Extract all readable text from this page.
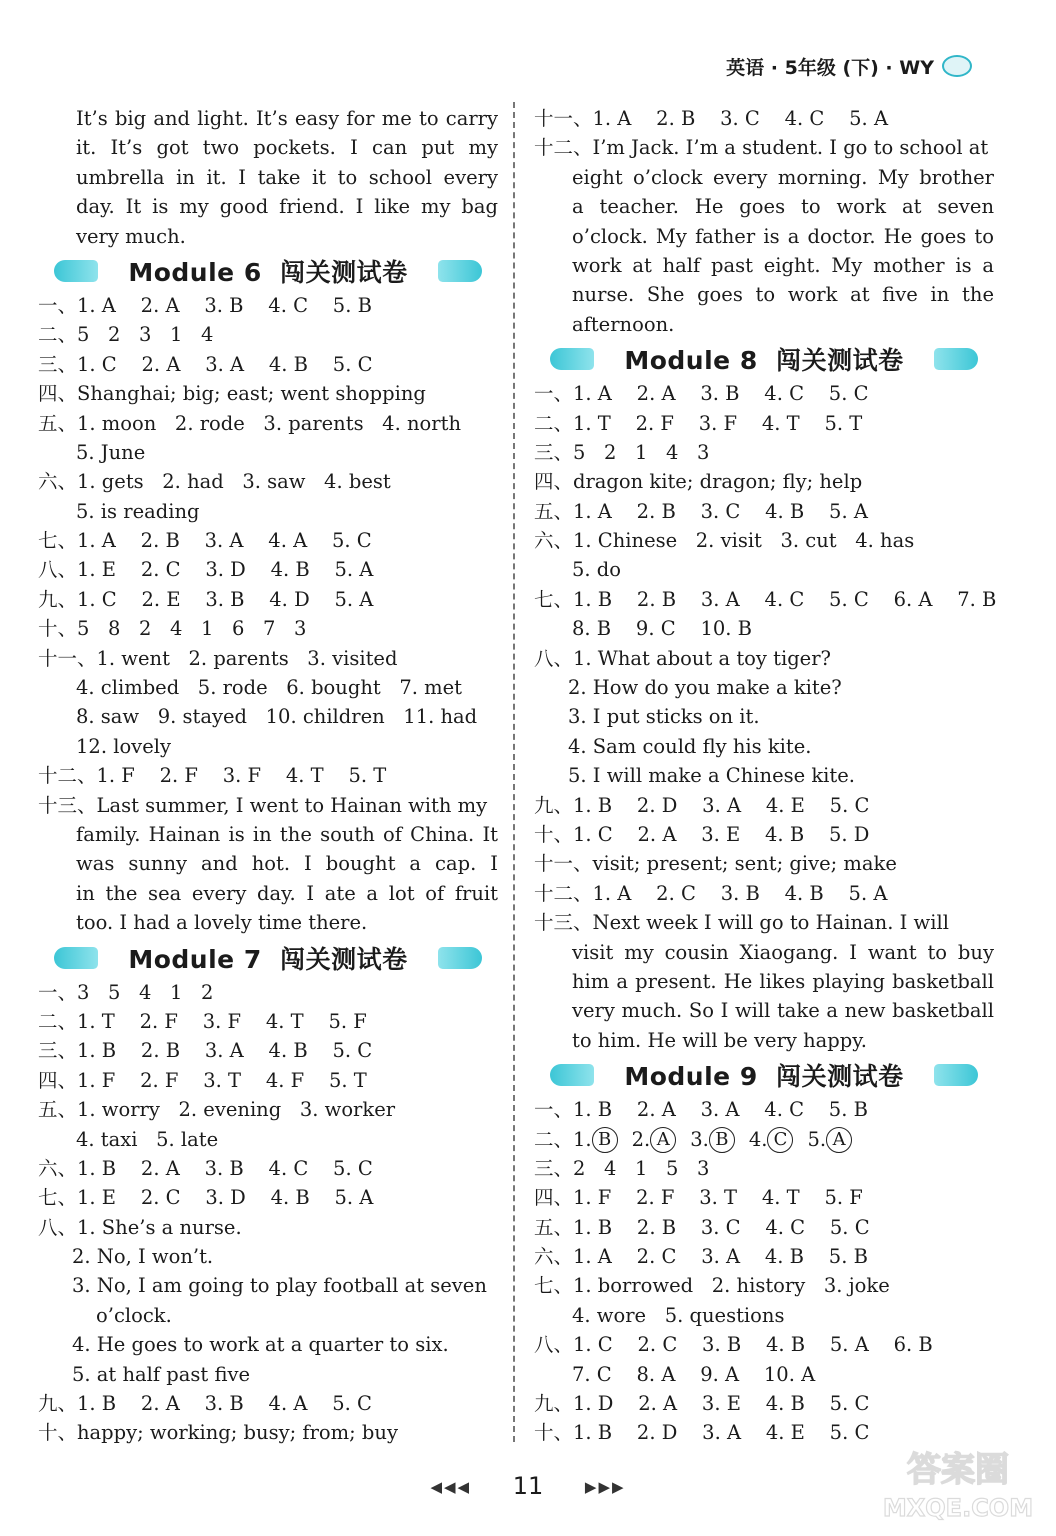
英语 · 5年级 (下) · WY
It’s big and light. It’s easy for me to carry
it. It’s got two pockets. I can put my
umbrella in it. I take it to school every
day. It is my good friend. I like my bag
very much.
Module 6  闯关测试卷
一、1. A    2. A    3. B    4. C    5. B
二、5   2   3   1   4
三、1. C    2. A    3. A    4. B    5. C
四、Shanghai; big; east; went shopping
五、1. moon   2. rode   3. parents   4. north
5. June
六、1. gets   2. had   3. saw   4. best
5. is reading
七、1. A    2. B    3. A    4. A    5. C
八、1. E    2. C    3. D    4. B    5. A
九、1. C    2. E    3. B    4. D    5. A
十、5   8   2   4   1   6   7   3
十一、1. went   2. parents   3. visited
4. climbed   5. rode   6. bought   7. met
8. saw   9. stayed   10. children   11. had
12. lovely
十二、1. F    2. F    3. F    4. T    5. T
十三、Last summer, I went to Hainan with my
family. Hainan is in the south of China. It
was sunny and hot. I bought a cap. I
in the sea every day. I ate a lot of fruit
too. I had a lovely time there.
Module 7  闯关测试卷
一、3   5   4   1   2
二、1. T    2. F    3. F    4. T    5. F
三、1. B    2. B    3. A    4. B    5. C
四、1. F    2. F    3. T    4. F    5. T
五、1. worry   2. evening   3. worker
4. taxi   5. late
六、1. B    2. A    3. B    4. C    5. C
七、1. E    2. C    3. D    4. B    5. A
八、1. She’s a nurse.
2. No, I won’t.
3. No, I am going to play football at seven
o’clock.
4. He goes to work at a quarter to six.
5. at half past five
九、1. B    2. A    3. B    4. A    5. C
十、happy; working; busy; from; buy
十一、1. A    2. B    3. C    4. C    5. A
十二、I’m Jack. I’m a student. I go to school at
eight o’clock every morning. My brother
a teacher. He goes to work at seven
o’clock. My father is a doctor. He goes to
work at half past eight. My mother is a
nurse. She goes to work at five in the
afternoon.
Module 8  闯关测试卷
一、1. A    2. A    3. B    4. C    5. C
二、1. T    2. F    3. F    4. T    5. T
三、5   2   1   4   3
四、dragon kite; dragon; fly; help
五、1. A    2. B    3. C    4. B    5. A
六、1. Chinese   2. visit   3. cut   4. has
5. do
七、1. B    2. B    3. A    4. C    5. C    6. A    7. B
8. B    9. C    10. B
八、1. What about a toy tiger?
2. How do you make a kite?
3. I put sticks on it.
4. Sam could fly his kite.
5. I will make a Chinese kite.
九、1. B    2. D    3. A    4. E    5. C
十、1. C    2. A    3. E    4. B    5. D
十一、visit; present; sent; give; make
十二、1. A    2. C    3. B    4. B    5. A
十三、Next week I will go to Hainan. I will
visit my cousin Xiaogang. I want to buy
him a present. He likes playing basketball
very much. So I will take a new basketball
to him. He will be very happy.
Module 9  闯关测试卷
一、1. B    2. A    3. A    4. C    5. B
二、1. B 2. A 3. B 4. C 5. A
三、2   4   1   5   3
四、1. F    2. F    3. T    4. T    5. F
五、1. B    2. B    3. C    4. C    5. C
六、1. A    2. C    3. A    4. B    5. B
七、1. borrowed   2. history   3. joke
4. wore   5. questions
八、1. C    2. C    3. B    4. B    5. A    6. B
7. C    8. A    9. A    10. A
九、1. D    2. A    3. E    4. B    5. C
十、1. B    2. D    3. A    4. E    5. C
◀◀◀ 11	▶▶▶	答案圈
MXQE.COM
